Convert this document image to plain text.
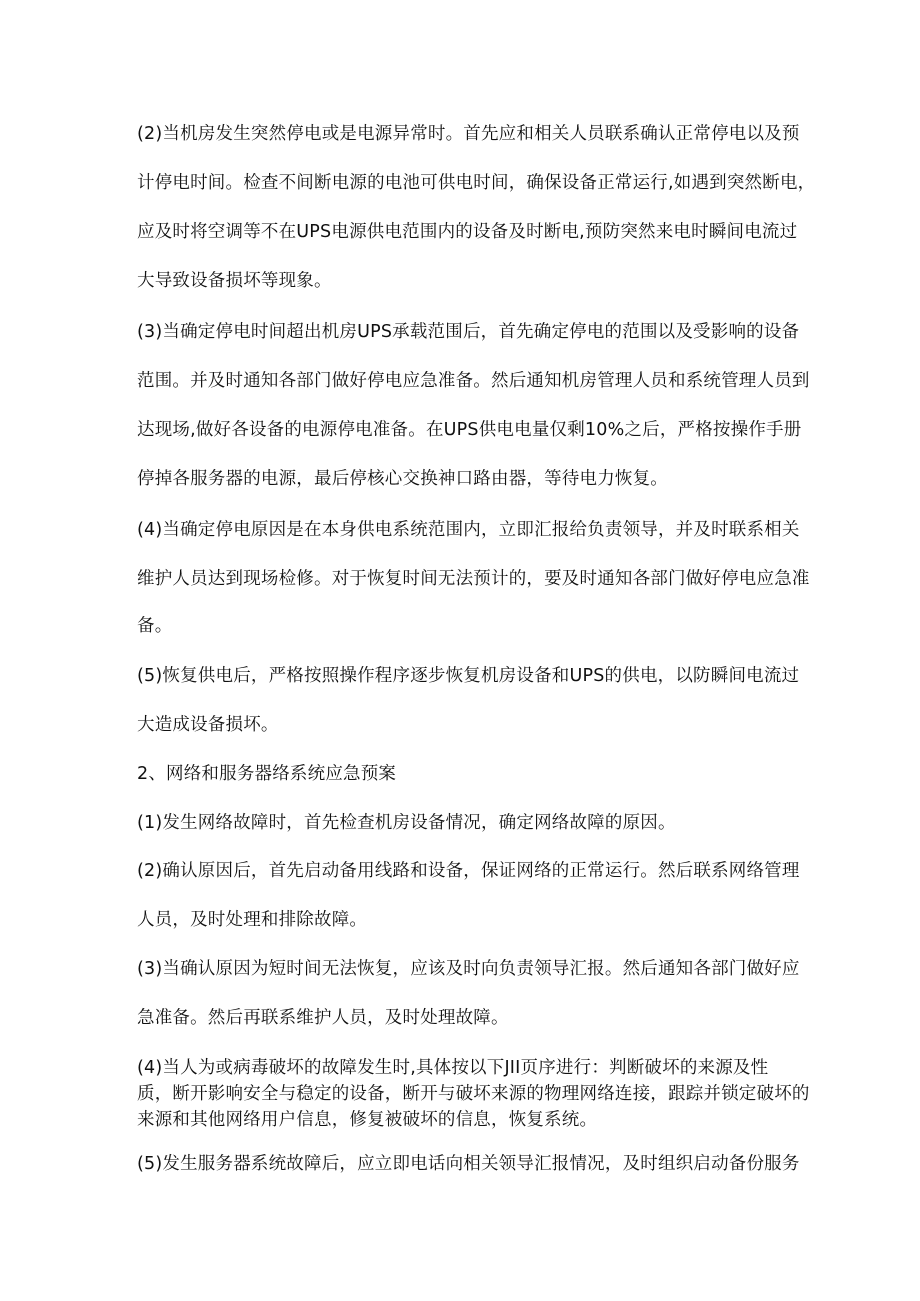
(2)当机房发生突然停电或是电源异常时。首先应和相关人员联系确认正常停电以及预
计停电时间。检查不间断电源的电池可供电时间，确保设备正常运行,如遇到突然断电，
应及时将空调等不在UPS电源供电范围内的设备及时断电,预防突然来电时瞬间电流过
大导致设备损坏等现象。
(3)当确定停电时间超出机房UPS承载范围后，首先确定停电的范围以及受影响的设备
范围。并及时通知各部门做好停电应急准备。然后通知机房管理人员和系统管理人员到
达现场,做好各设备的电源停电准备。在UPS供电电量仅剩10%之后，严格按操作手册
停掉各服务器的电源，最后停核心交换神口路由器，等待电力恢复。
(4)当确定停电原因是在本身供电系统范围内，立即汇报给负责领导，并及时联系相关
维护人员达到现场检修。对于恢复时间无法预计的，要及时通知各部门做好停电应急准
备。
(5)恢复供电后，严格按照操作程序逐步恢复机房设备和UPS的供电，以防瞬间电流过
大造成设备损坏。
2、网络和服务器络系统应急预案
(1)发生网络故障时，首先检查机房设备情况，确定网络故障的原因。
(2)确认原因后，首先启动备用线路和设备，保证网络的正常运行。然后联系网络管理
人员，及时处理和排除故障。
(3)当确认原因为短时间无法恢复，应该及时向负责领导汇报。然后通知各部门做好应
急准备。然后再联系维护人员，及时处理故障。
(4)当人为或病毒破坏的故障发生时,具体按以下JII页序进行：判断破坏的来源及性
质，断开影响安全与稳定的设备，断开与破坏来源的物理网络连接，跟踪并锁定破坏的
来源和其他网络用户信息，修复被破坏的信息，恢复系统。
(5)发生服务器系统故障后，应立即电话向相关领导汇报情况，及时组织启动备份服务
